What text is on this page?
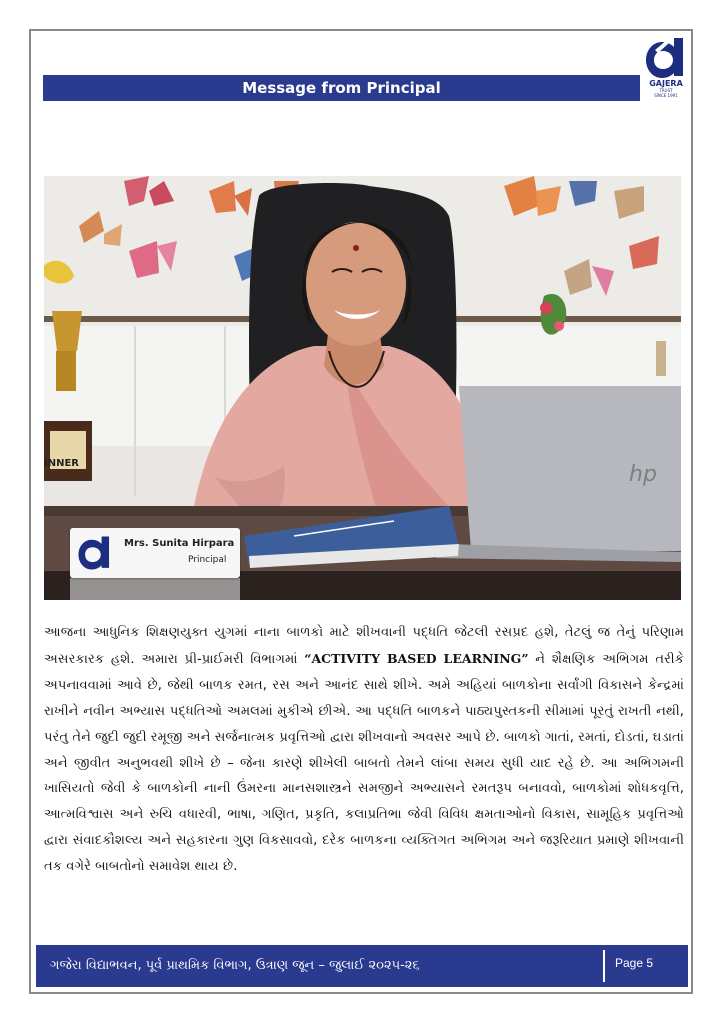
Message from Principal	GAJERA
TRUST
SINCE 1991
INNER	hp
Mrs. Sunita Hirpara
Principal
આજના આધુનિક શિક્ષણયુક્ત યુગમાં નાના બાળકો માટે શીખવાની પદ્ધતિ જેટલી રસપ્રદ હશે, તેટલું જ તેનું પરિણામ અસરકારક હશે. અમારા પ્રી-પ્રાઈમરી વિભાગમાં “ACTIVITY BASED LEARNING” ને શૈક્ષણિક અભિગમ તરીકે અપનાવવામાં આવે છે, જેથી બાળક રમત, રસ અને આનંદ સાથે શીખે. અમે અહિયાં બાળકોના સર્વાંગી વિકાસને કેન્દ્રમાં રાખીને નવીન અભ્યાસ પદ્ધતિઓ અમલમાં મુકીએ છીએ. આ પદ્ધતિ બાળકને પાઠ્યપુસ્તકની સીમામાં પૂરતું રાખતી નથી, પરંતુ તેને જુદી જુદી રમૂજી અને સર્જનાત્મક પ્રવૃત્તિઓ દ્વારા શીખવાનો અવસર આપે છે. બાળકો ગાતાં, રમતાં, દોડતાં, ઘડાતાં અને જીવીત અનુભવથી શીખે છે – જેના કારણે શીખેલી બાબતો તેમને લાંબા સમય સુધી યાદ રહે છે. આ અભિગમની ખાસિયતો જેવી કે બાળકોની નાની ઉંમરના માનસશાસ્ત્રને સમજીને અભ્યાસને રમતરૂપ બનાવવો, બાળકોમાં શોધકવૃત્તિ, આત્મવિશ્વાસ અને રુચિ વધારવી, ભાષા, ગણિત, પ્રકૃતિ, કલાપ્રતિભા જેવી વિવિધ ક્ષમતાઓનો વિકાસ, સામૂહિક પ્રવૃત્તિઓ દ્વારા સંવાદકૌશલ્ય અને સહકારના ગુણ વિકસાવવો, દરેક બાળકના વ્યક્તિગત અભિગમ અને જરૂરિયાત પ્રમાણે શીખવાની તક વગેરે બાબતોનો સમાવેશ થાય છે.
ગજેરા વિદ્યાભવન, પૂર્વ પ્રાથમિક વિભાગ, ઉત્રાણ જૂન – જુલાઈ ૨૦૨૫-૨૬	Page 5
